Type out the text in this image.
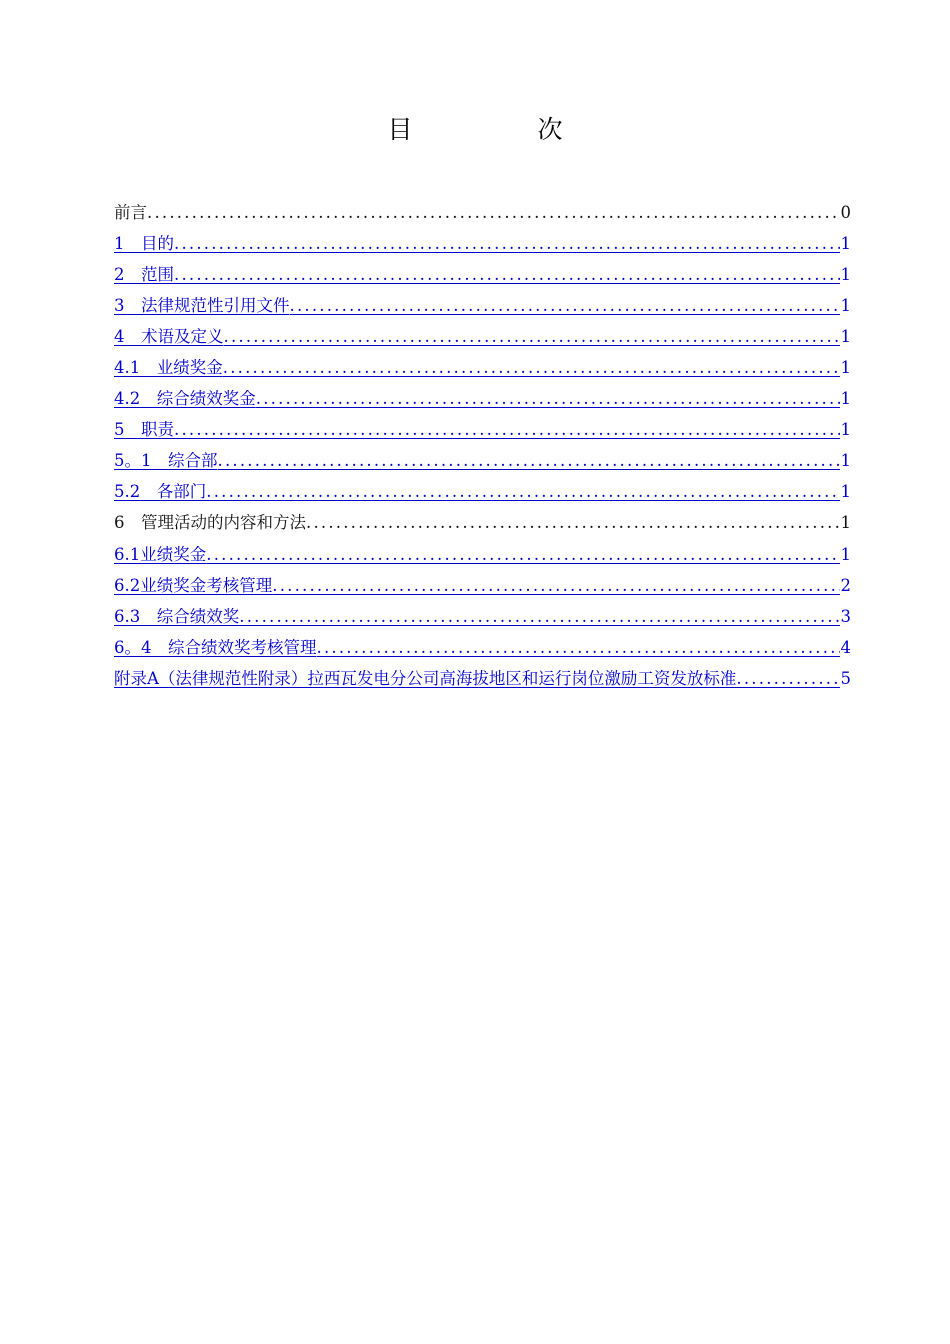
目　次
前言 .....	0
1　目的 .....	1
2　范围 .....	1
3　法律规范性引用文件 .....	1
4　术语及定义 .....	1
4.1　业绩奖金 .....	1
4.2　综合绩效奖金 .....	1
5　职责 .....	1
5。1　综合部 .....	1
5.2　各部门 .....	1
6　管理活动的内容和方法 .....	1
6.1业绩奖金 .....	1
6.2业绩奖金考核管理 .....	2
6.3　综合绩效奖 .....	3
6。4　综合绩效奖考核管理 .....	4
附录A（法律规范性附录）拉西瓦发电分公司高海拔地区和运行岗位激励工资发放标准 .....	5
